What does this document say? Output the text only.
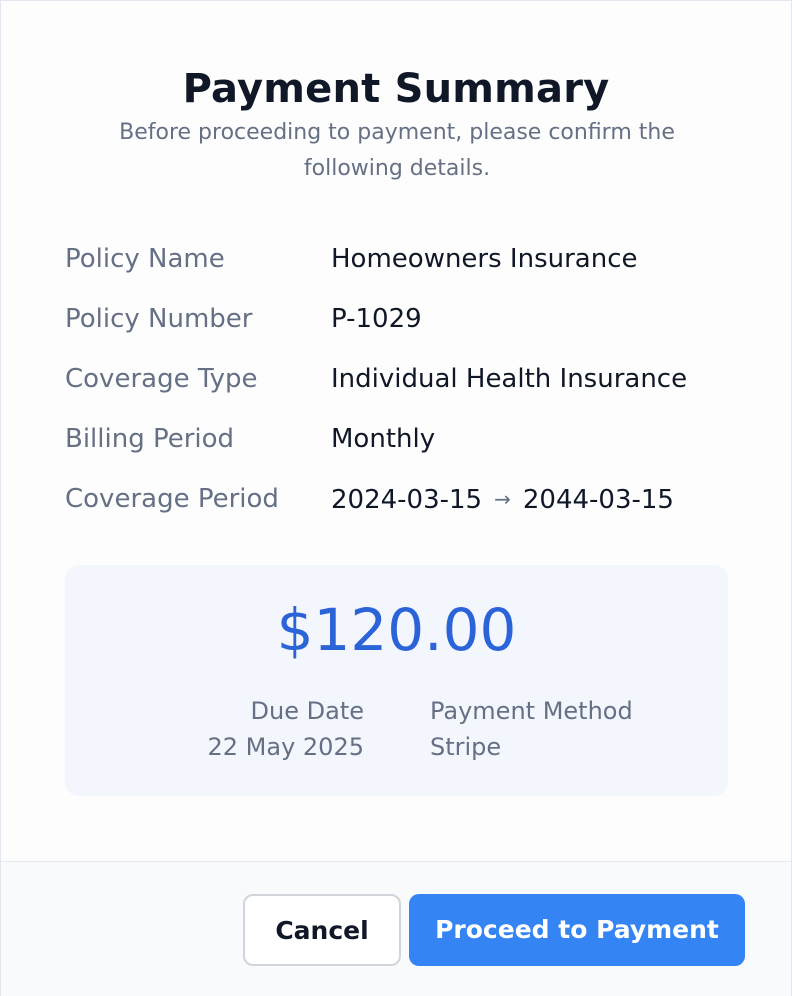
Payment Summary
Before proceeding to payment, please confirm the following details.
Policy Name	Homeowners Insurance
Policy Number	P-1029
Coverage Type	Individual Health Insurance
Billing Period	Monthly
Coverage Period 2024-03-15 → 2044-03-15
$120.00
Due Date
22 May 2025
Payment Method
Stripe
Cancel	Proceed to Payment
